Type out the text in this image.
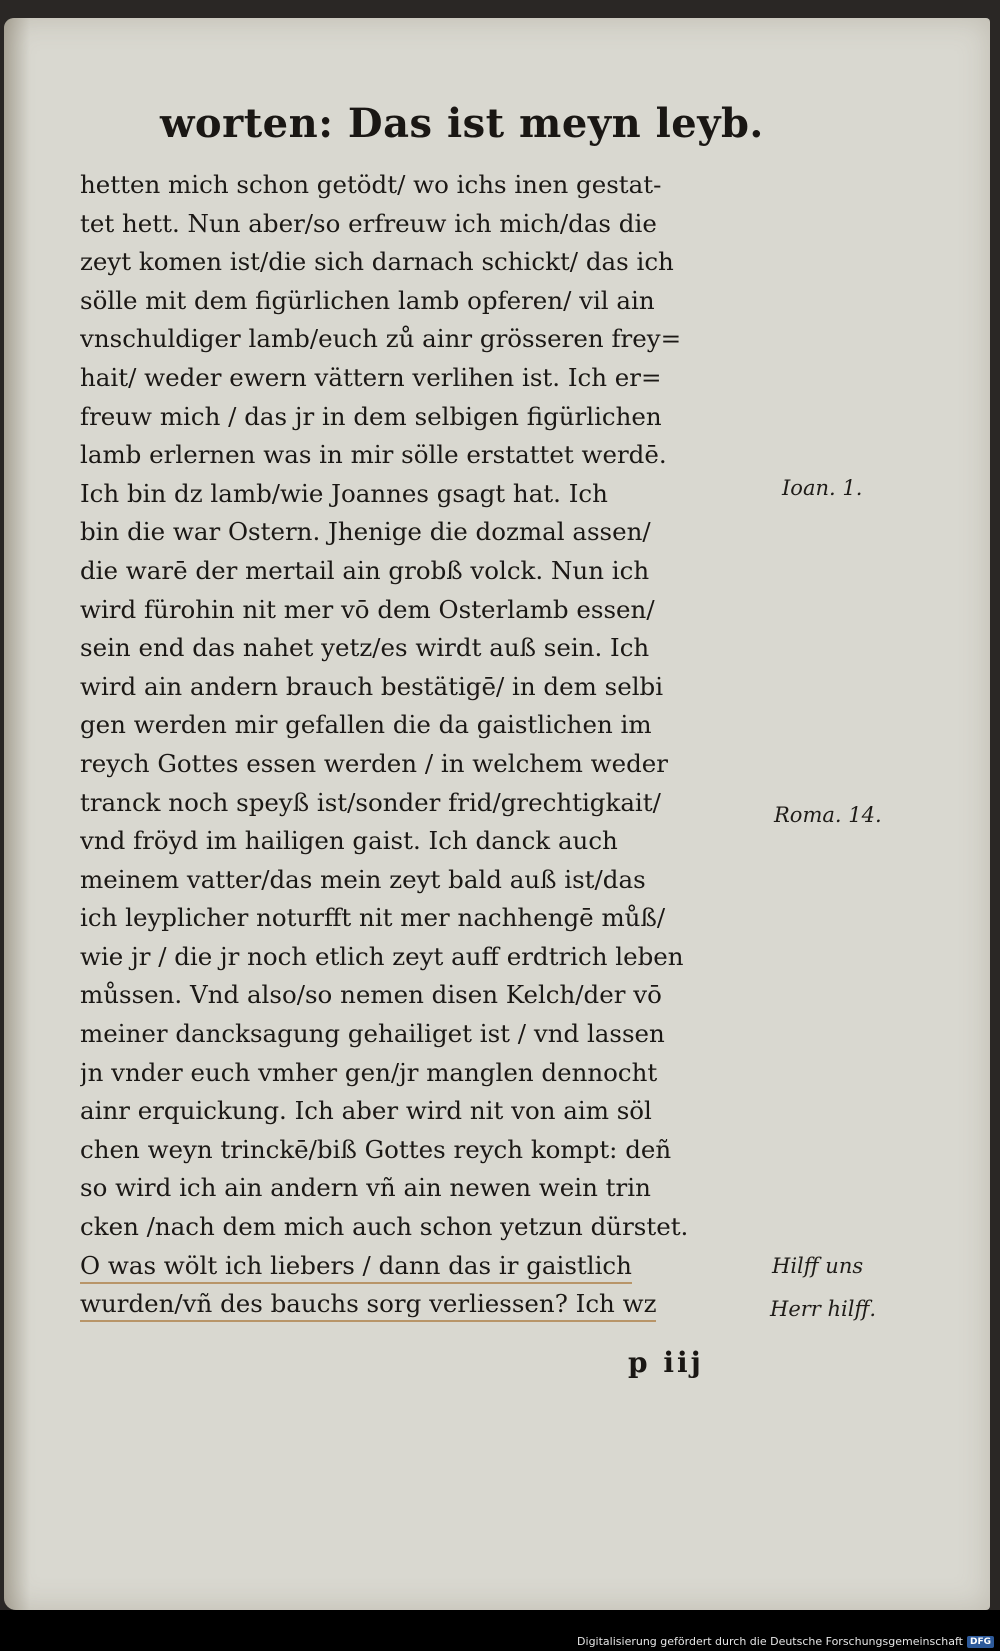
worten: Das ist meyn leyb.
hetten mich schon getödt/ wo ichs inen gestat-
tet hett. Nun aber/so erfreuw ich mich/das die
zeyt komen ist/die sich darnach schickt/ das ich
sölle mit dem figürlichen lamb opferen/ vil ain
vnschuldiger lamb/euch zů ainr grösseren frey=
hait/ weder ewern vättern verlihen ist. Ich er=
freuw mich / das jr in dem selbigen figürlichen
lamb erlernen was in mir sölle erstattet werdē.
Ich bin dz lamb/wie Joannes gsagt hat. Ich
bin die war Ostern. Jhenige die dozmal assen/
die warē der mertail ain grobß volck. Nun ich
wird fürohin nit mer vō dem Osterlamb essen/
sein end das nahet yetz/es wirdt auß sein. Ich
wird ain andern brauch bestätigē/ in dem selbi
gen werden mir gefallen die da gaistlichen im
reych Gottes essen werden / in welchem weder
tranck noch speyß ist/sonder frid/grechtigkait/
vnd fröyd im hailigen gaist. Ich danck auch
meinem vatter/das mein zeyt bald auß ist/das
ich leyplicher noturfft nit mer nachhengē můß/
wie jr / die jr noch etlich zeyt auff erdtrich leben
můssen. Vnd also/so nemen disen Kelch/der vō
meiner dancksagung gehailiget ist / vnd lassen
jn vnder euch vmher gen/jr manglen dennocht
ainr erquickung. Ich aber wird nit von aim söl
chen weyn trinckē/biß Gottes reych kompt: deñ
so wird ich ain andern vñ ain newen wein trin
cken /nach dem mich auch schon yetzun dürstet.
O was wölt ich liebers / dann das ir gaistlich
wurden/vñ des bauchs sorg verliessen? Ich wz
Ioan. 1.
Roma. 14.
Hilff uns
Herr hilff.
p iij
Digitalisierung gefördert durch die Deutsche Forschungsgemeinschaft DFG
